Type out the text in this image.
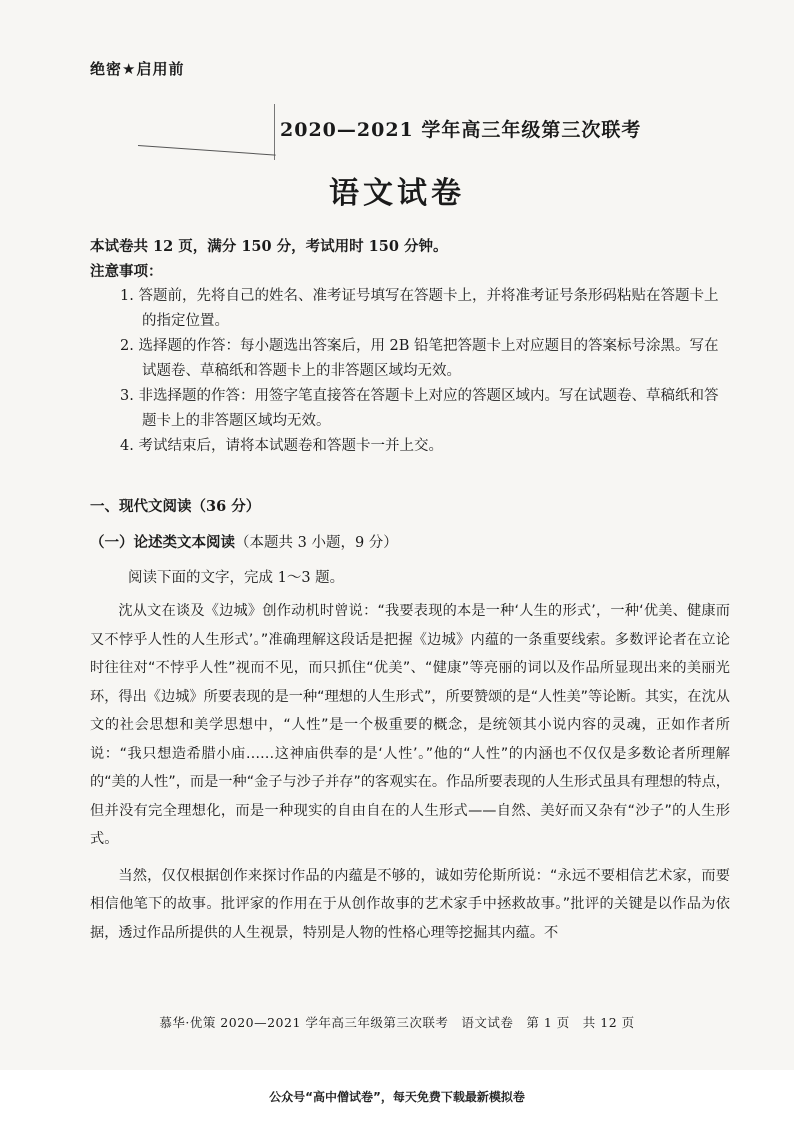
绝密★启用前
2020—2021 学年高三年级第三次联考
语文试卷
本试卷共 12 页，满分 150 分，考试用时 150 分钟。
注意事项：
1. 答题前，先将自己的姓名、准考证号填写在答题卡上，并将准考证号条形码粘贴在答题卡上的指定位置。
2. 选择题的作答：每小题选出答案后，用 2B 铅笔把答题卡上对应题目的答案标号涂黑。写在试题卷、草稿纸和答题卡上的非答题区域均无效。
3. 非选择题的作答：用签字笔直接答在答题卡上对应的答题区域内。写在试题卷、草稿纸和答题卡上的非答题区域均无效。
4. 考试结束后，请将本试题卷和答题卡一并上交。
一、现代文阅读（36 分）
（一）论述类文本阅读（本题共 3 小题，9 分）
阅读下面的文字，完成 1～3 题。

沈从文在谈及《边城》创作动机时曾说：“我要表现的本是一种‘人生的形式’，一种‘优美、健康而又不悖乎人性的人生形式’。”准确理解这段话是把握《边城》内蕴的一条重要线索。多数评论者在立论时往往对“不悖乎人性”视而不见，而只抓住“优美”、“健康”等亮丽的词以及作品所显现出来的美丽光环，得出《边城》所要表现的是一种“理想的人生形式”，所要赞颂的是“人性美”等论断。其实，在沈从文的社会思想和美学思想中，“人性”是一个极重要的概念，是统领其小说内容的灵魂，正如作者所说：“我只想造希腊小庙……这神庙供奉的是‘人性’。”他的“人性”的内涵也不仅仅是多数论者所理解的“美的人性”，而是一种“金子与沙子并存”的客观实在。作品所要表现的人生形式虽具有理想的特点，但并没有完全理想化，而是一种现实的自由自在的人生形式——自然、美好而又杂有“沙子”的人生形式。

当然，仅仅根据创作来探讨作品的内蕴是不够的，诚如劳伦斯所说：“永远不要相信艺术家，而要相信他笔下的故事。批评家的作用在于从创作故事的艺术家手中拯救故事。”批评的关键是以作品为依据，透过作品所提供的人生视景，特别是人物的性格心理等挖掘其内蕴。不

慕华·优策 2020—2021 学年高三年级第三次联考　语文试卷　第 1 页　共 12 页
公众号“高中僧试卷”，每天免费下载最新模拟卷
